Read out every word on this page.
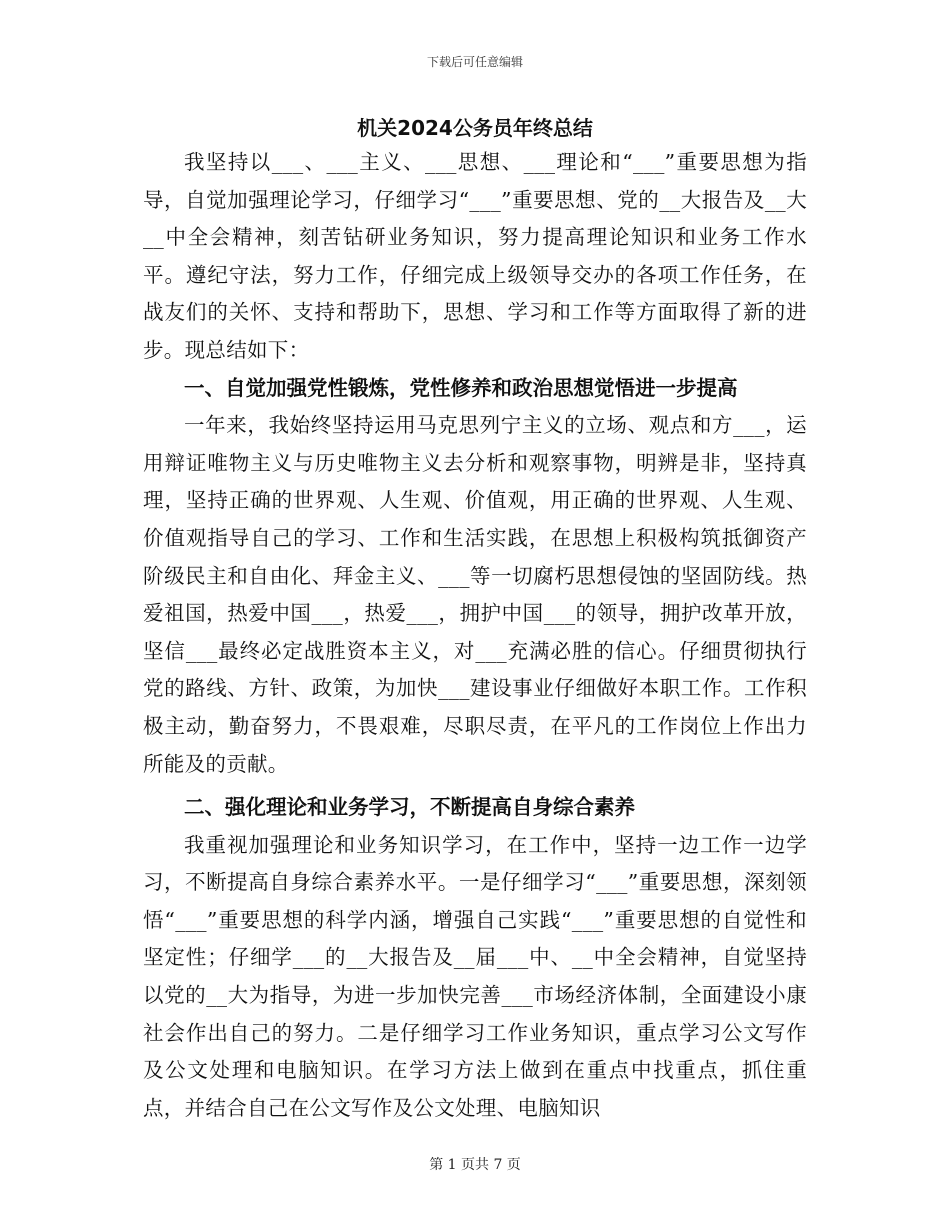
下载后可任意编辑
机关2024公务员年终总结

我坚持以___、___主义、___思想、___理论和“___”重要思想为指导，自觉加强理论学习，仔细学习“___”重要思想、党的__大报告及__大__中全会精神，刻苦钻研业务知识，努力提高理论知识和业务工作水平。遵纪守法，努力工作，仔细完成上级领导交办的各项工作任务，在战友们的关怀、支持和帮助下，思想、学习和工作等方面取得了新的进步。现总结如下：

一、自觉加强党性锻炼，党性修养和政治思想觉悟进一步提高

一年来，我始终坚持运用马克思列宁主义的立场、观点和方___，运用辩证唯物主义与历史唯物主义去分析和观察事物，明辨是非，坚持真理，坚持正确的世界观、人生观、价值观，用正确的世界观、人生观、价值观指导自己的学习、工作和生活实践，在思想上积极构筑抵御资产阶级民主和自由化、拜金主义、___等一切腐朽思想侵蚀的坚固防线。热爱祖国，热爱中国___，热爱___，拥护中国___的领导，拥护改革开放，坚信___最终必定战胜资本主义，对___充满必胜的信心。仔细贯彻执行党的路线、方针、政策，为加快___建设事业仔细做好本职工作。工作积极主动，勤奋努力，不畏艰难，尽职尽责，在平凡的工作岗位上作出力所能及的贡献。

二、强化理论和业务学习，不断提高自身综合素养

我重视加强理论和业务知识学习，在工作中，坚持一边工作一边学习，不断提高自身综合素养水平。一是仔细学习“___”重要思想，深刻领悟“___”重要思想的科学内涵，增强自己实践“___”重要思想的自觉性和坚定性；仔细学___的__大报告及__届___中、__中全会精神，自觉坚持以党的__大为指导，为进一步加快完善___市场经济体制，全面建设小康社会作出自己的努力。二是仔细学习工作业务知识，重点学习公文写作及公文处理和电脑知识。在学习方法上做到在重点中找重点，抓住重点，并结合自己在公文写作及公文处理、电脑知识

第 1 页共 7 页
